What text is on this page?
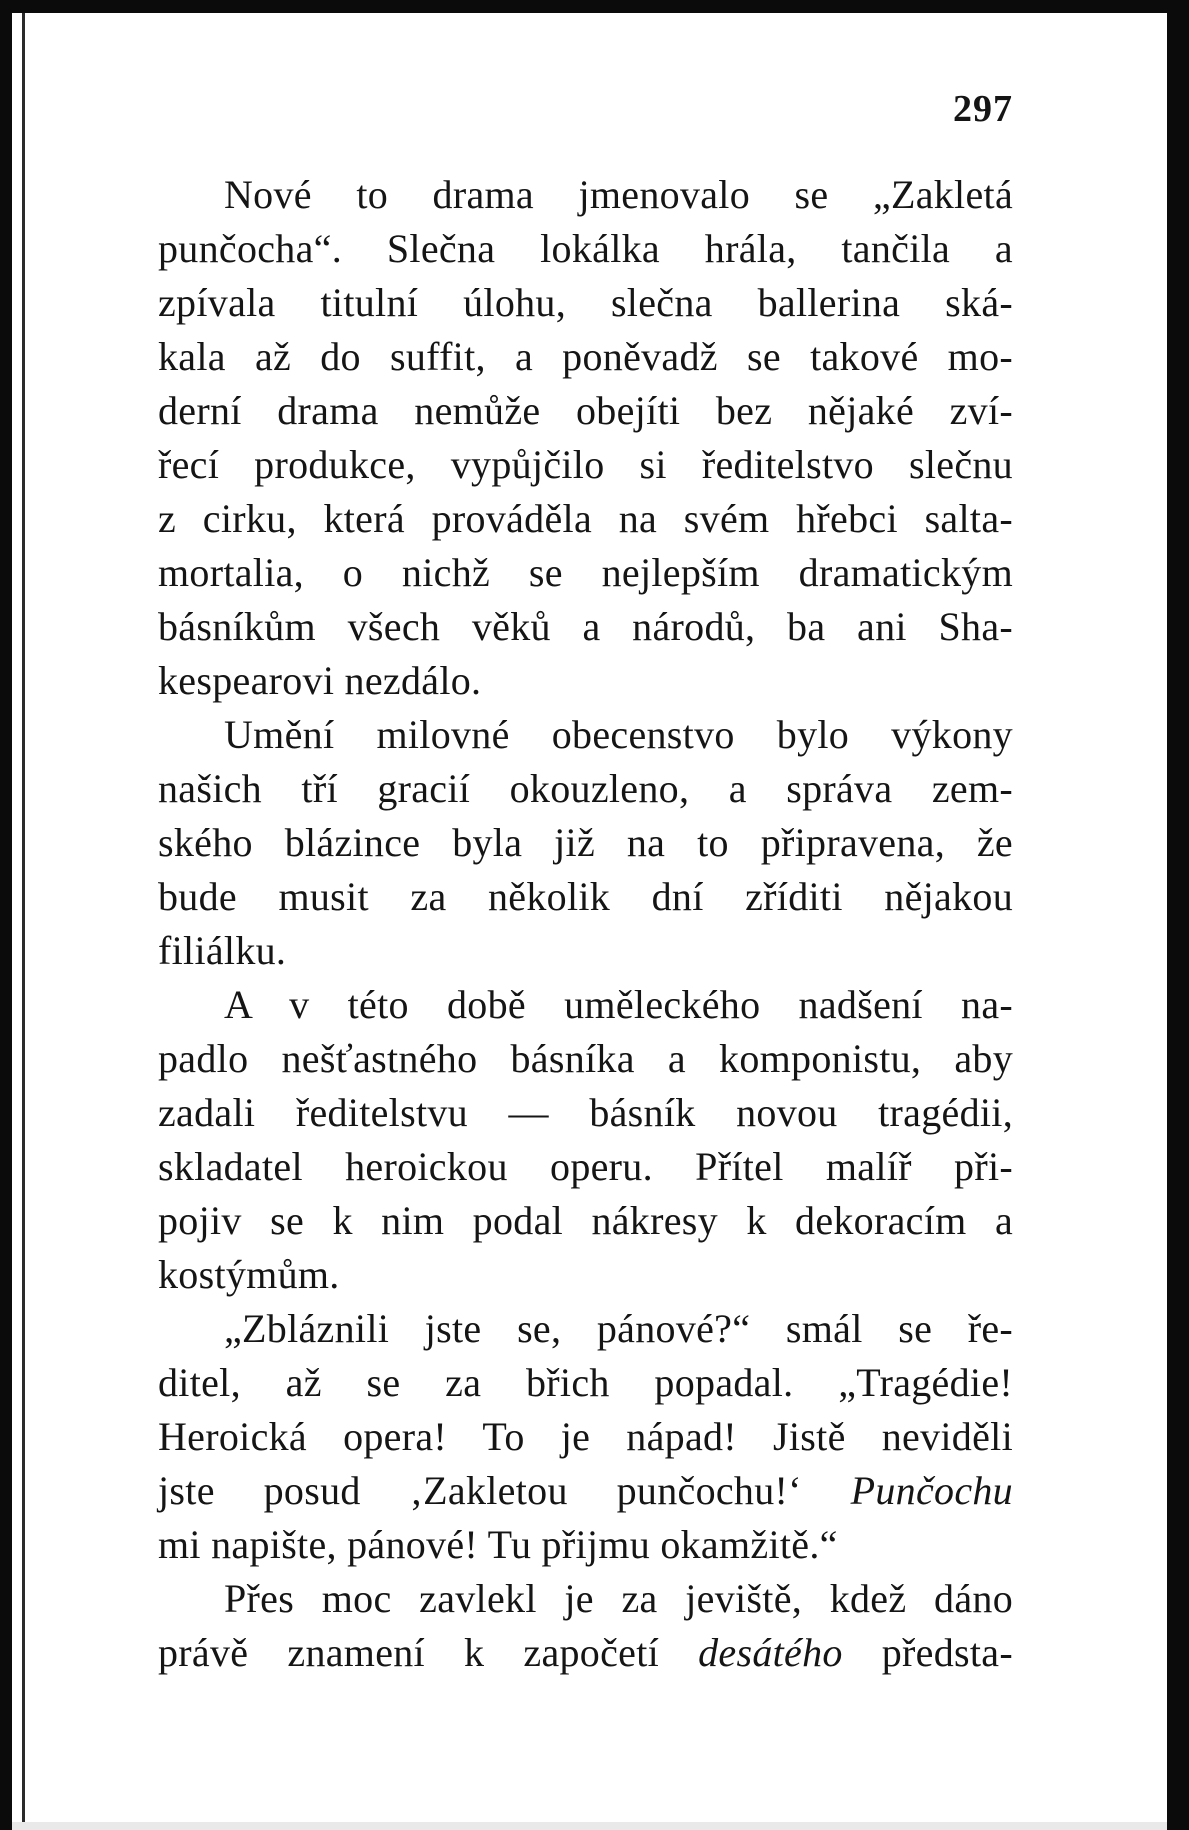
297
Nové to drama jmenovalo se „Zakletá
punčocha“. Slečna lokálka hrála, tančila a
zpívala titulní úlohu, slečna ballerina ská-
kala až do suffit, a poněvadž se takové mo-
derní drama nemůže obejíti bez nějaké zví-
řecí produkce, vypůjčilo si ředitelstvo slečnu
z cirku, která prováděla na svém hřebci salta-
mortalia, o nichž se nejlepším dramatickým
básníkům všech věků a národů, ba ani Sha-
kespearovi nezdálo.
Umění milovné obecenstvo bylo výkony
našich tří gracií okouzleno, a správa zem-
ského blázince byla již na to připravena, že
bude musit za několik dní zříditi nějakou
filiálku.
A v této době uměleckého nadšení na-
padlo nešťastného básníka a komponistu, aby
zadali ředitelstvu — básník novou tragédii,
skladatel heroickou operu. Přítel malíř při-
pojiv se k nim podal nákresy k dekoracím a
kostýmům.
„Zbláznili jste se, pánové?“ smál se ře-
ditel, až se za břich popadal. „Tragédie!
Heroická opera! To je nápad! Jistě neviděli
jste posud ‚Zakletou punčochu!‘ Punčochu
mi napište, pánové! Tu přijmu okamžitě.“
Přes moc zavlekl je za jeviště, kdež dáno
právě znamení k započetí desátého předsta-
